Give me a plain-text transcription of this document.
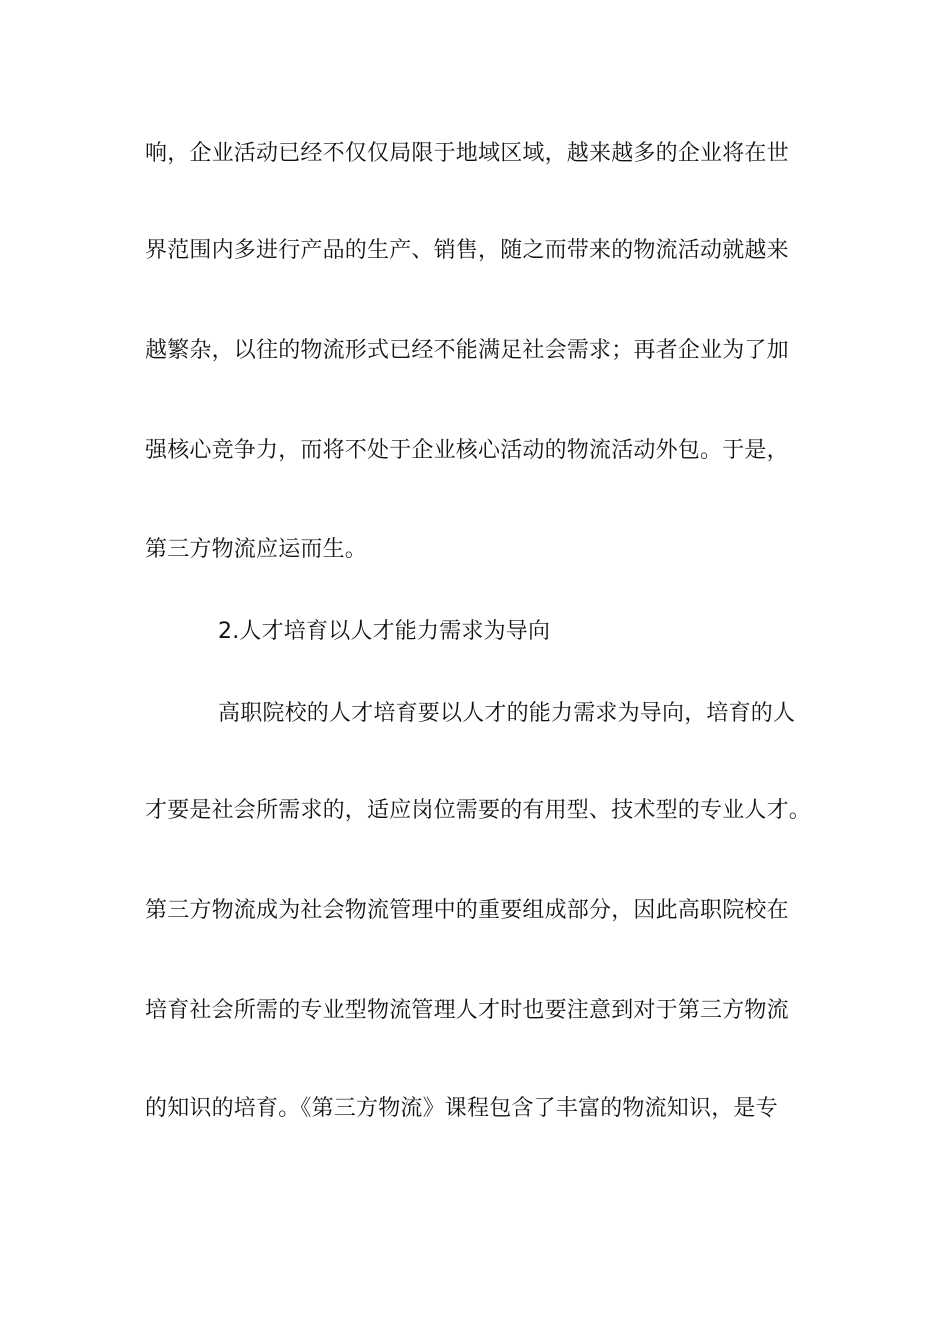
响，企业活动已经不仅仅局限于地域区域，越来越多的企业将在世
界范围内多进行产品的生产、销售，随之而带来的物流活动就越来
越繁杂，以往的物流形式已经不能满足社会需求；再者企业为了加
强核心竞争力，而将不处于企业核心活动的物流活动外包。于是，
第三方物流应运而生。
2.人才培育以人才能力需求为导向
高职院校的人才培育要以人才的能力需求为导向，培育的人
才要是社会所需求的，适应岗位需要的有用型、技术型的专业人才。
第三方物流成为社会物流管理中的重要组成部分，因此高职院校在
培育社会所需的专业型物流管理人才时也要注意到对于第三方物流
的知识的培育。《第三方物流》课程包含了丰富的物流知识，是专
